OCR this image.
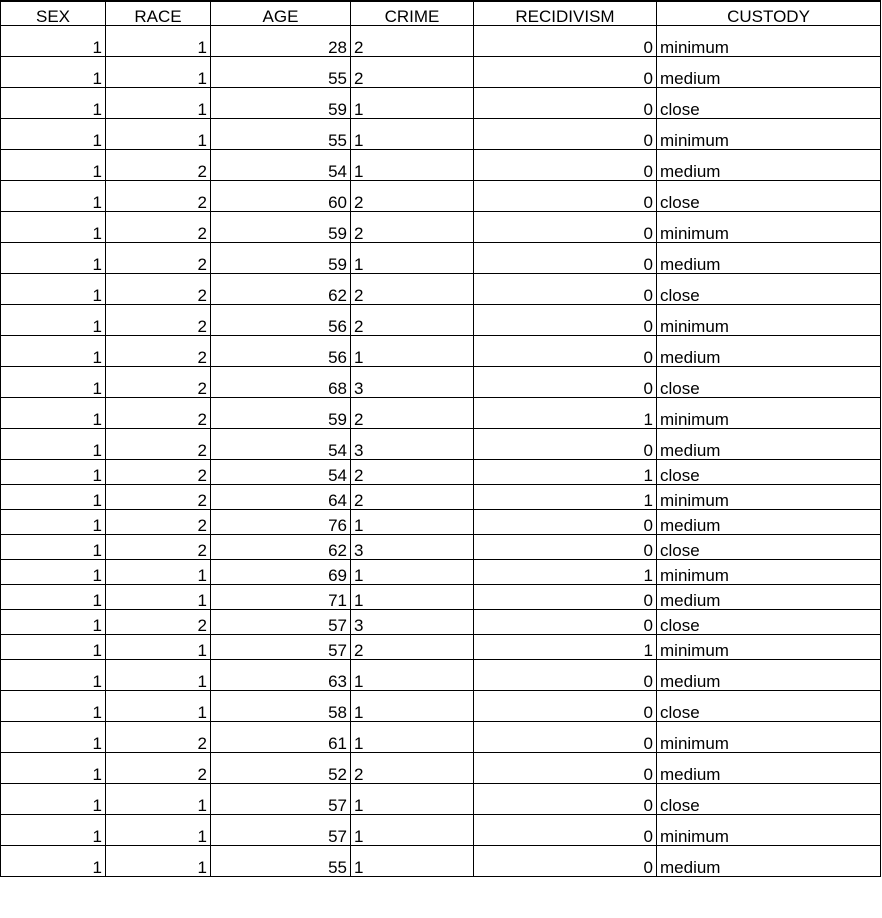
SEX	RACE	AGE	CRIME	RECIDIVISM	CUSTODY
1	1	28	2	0	minimum
1	1	55	2	0	medium
1	1	59	1	0	close
1	1	55	1	0	minimum
1	2	54	1	0	medium
1	2	60	2	0	close
1	2	59	2	0	minimum
1	2	59	1	0	medium
1	2	62	2	0	close
1	2	56	2	0	minimum
1	2	56	1	0	medium
1	2	68	3	0	close
1	2	59	2	1	minimum
1	2	54	3	0	medium
1	2	54	2	1	close
1	2	64	2	1	minimum
1	2	76	1	0	medium
1	2	62	3	0	close
1	1	69	1	1	minimum
1	1	71	1	0	medium
1	2	57	3	0	close
1	1	57	2	1	minimum
1	1	63	1	0	medium
1	1	58	1	0	close
1	2	61	1	0	minimum
1	2	52	2	0	medium
1	1	57	1	0	close
1	1	57	1	0	minimum
1	1	55	1	0	medium
